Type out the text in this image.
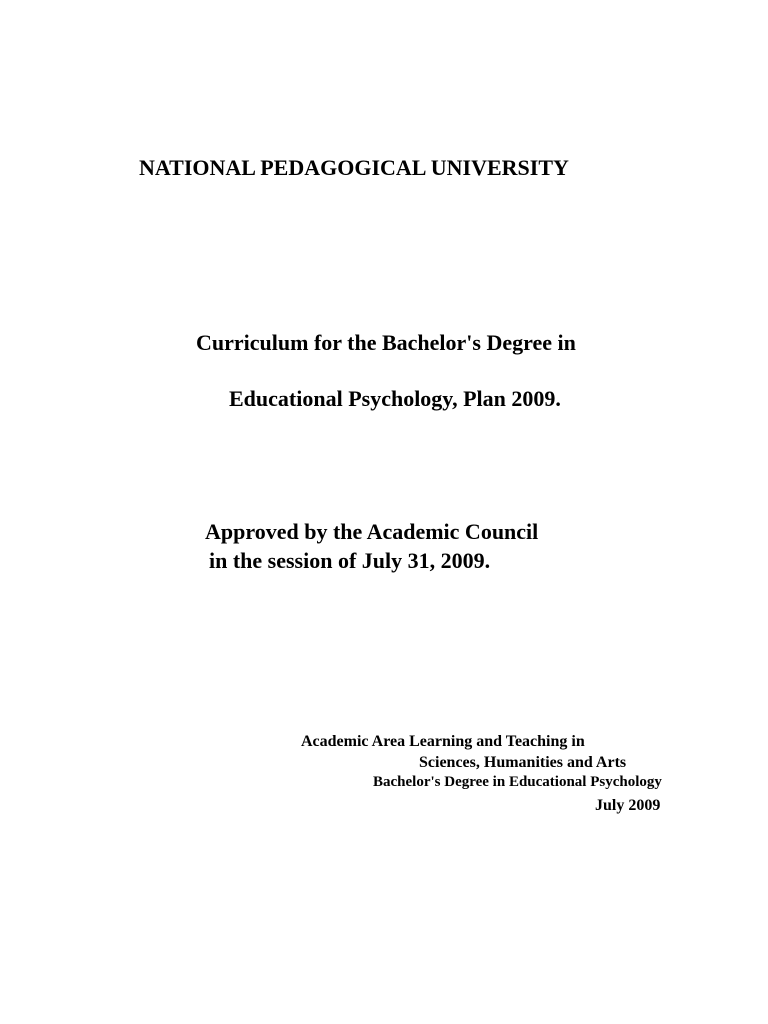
NATIONAL PEDAGOGICAL UNIVERSITY

Curriculum for the Bachelor's Degree in

Educational Psychology, Plan 2009.

Approved by the Academic Council

in the session of July 31, 2009.

Academic Area Learning and Teaching in

Sciences, Humanities and Arts

Bachelor's Degree in Educational Psychology

July 2009
